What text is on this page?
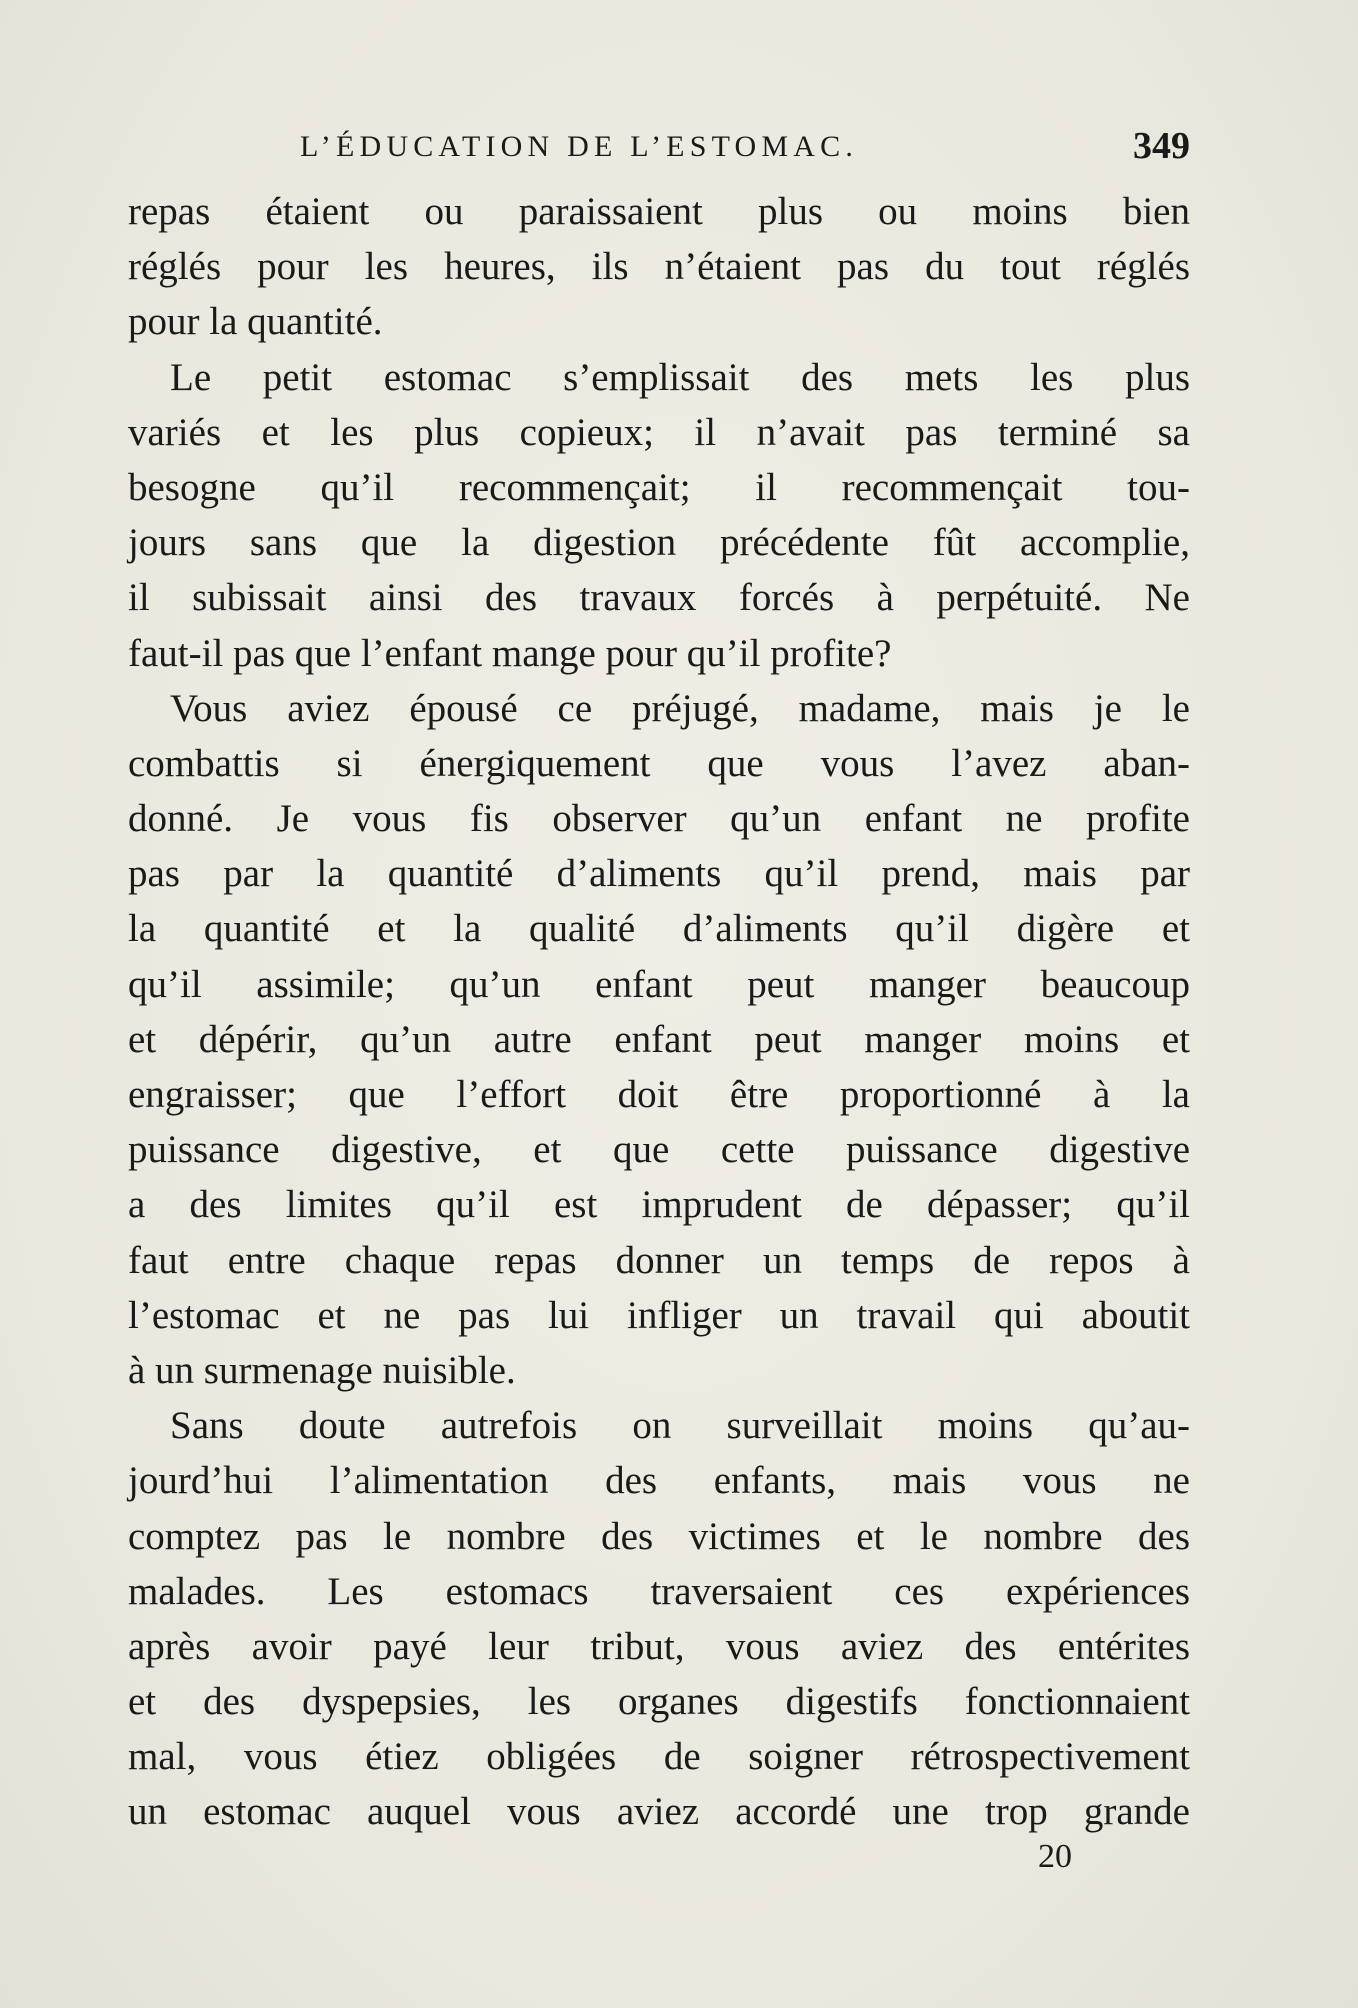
L’ÉDUCATION DE L’ESTOMAC.	349
repas étaient ou paraissaient plus ou moins bien
réglés pour les heures, ils n’étaient pas du tout réglés
pour la quantité.
Le petit estomac s’emplissait des mets les plus
variés et les plus copieux; il n’avait pas terminé sa
besogne qu’il recommençait; il recommençait tou-
jours sans que la digestion précédente fût accomplie,
il subissait ainsi des travaux forcés à perpétuité. Ne
faut-il pas que l’enfant mange pour qu’il profite?
Vous aviez épousé ce préjugé, madame, mais je le
combattis si énergiquement que vous l’avez aban-
donné. Je vous fis observer qu’un enfant ne profite
pas par la quantité d’aliments qu’il prend, mais par
la quantité et la qualité d’aliments qu’il digère et
qu’il assimile; qu’un enfant peut manger beaucoup
et dépérir, qu’un autre enfant peut manger moins et
engraisser; que l’effort doit être proportionné à la
puissance digestive, et que cette puissance digestive
a des limites qu’il est imprudent de dépasser; qu’il
faut entre chaque repas donner un temps de repos à
l’estomac et ne pas lui infliger un travail qui aboutit
à un surmenage nuisible.
Sans doute autrefois on surveillait moins qu’au-
jourd’hui l’alimentation des enfants, mais vous ne
comptez pas le nombre des victimes et le nombre des
malades. Les estomacs traversaient ces expériences
après avoir payé leur tribut, vous aviez des entérites
et des dyspepsies, les organes digestifs fonctionnaient
mal, vous étiez obligées de soigner rétrospectivement
un estomac auquel vous aviez accordé une trop grande
20
